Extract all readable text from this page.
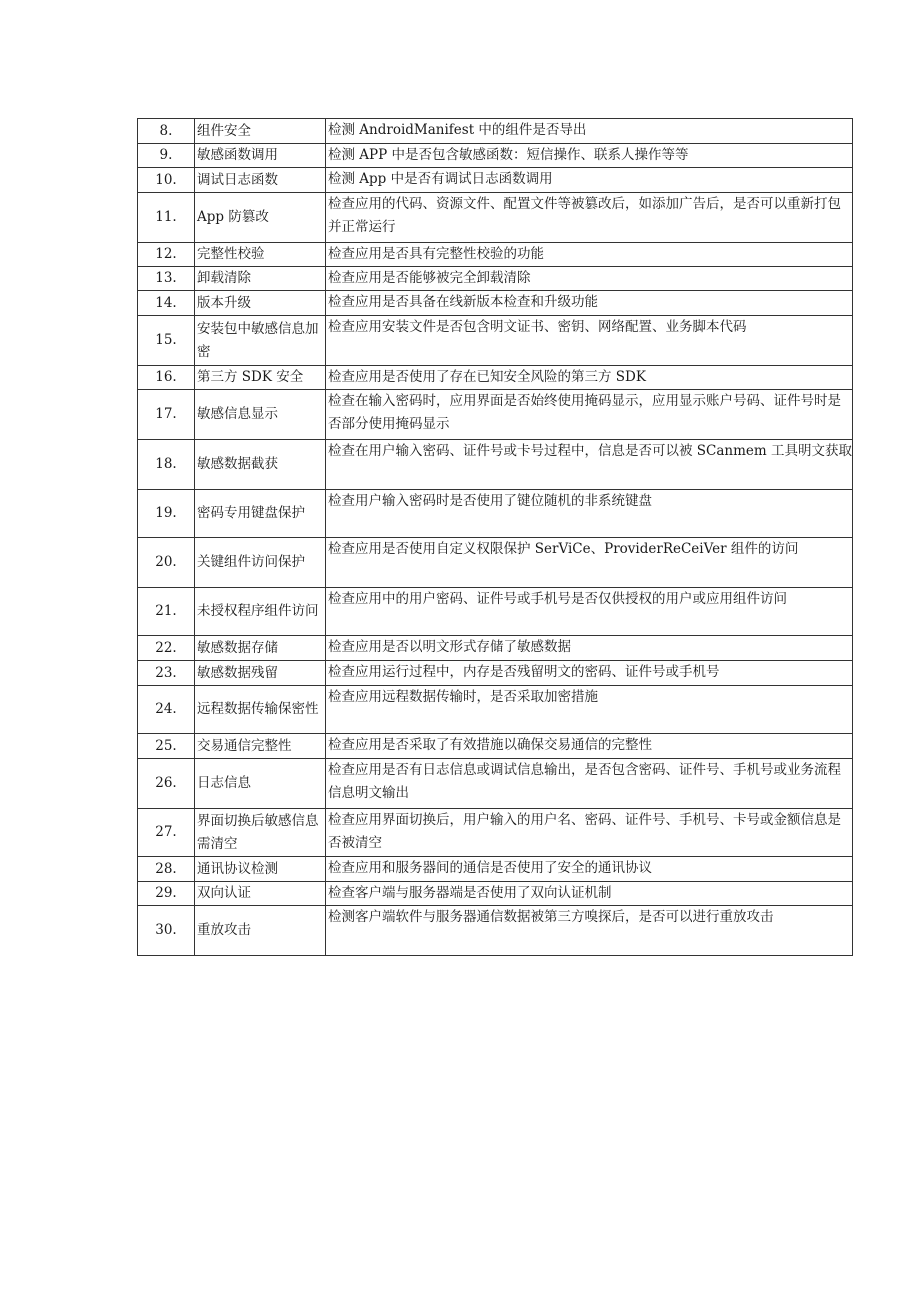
8.	组件安全	检测 AndroidManifest 中的组件是否导出
9.	敏感函数调用	检测 APP 中是否包含敏感函数：短信操作、联系人操作等等
10.	调试日志函数	检测 App 中是否有调试日志函数调用
11.	App 防篡改	检查应用的代码、资源文件、配置文件等被篡改后，如添加广告后，是否可以重新打包并正常运行
12.	完整性校验	检查应用是否具有完整性校验的功能
13.	卸载清除	检查应用是否能够被完全卸载清除
14.	版本升级	检查应用是否具备在线新版本检查和升级功能
15.	安装包中敏感信息加密	检查应用安装文件是否包含明文证书、密钥、网络配置、业务脚本代码
16.	第三方 SDK 安全	检查应用是否使用了存在已知安全风险的第三方 SDK
17.	敏感信息显示	检查在输入密码时，应用界面是否始终使用掩码显示，应用显示账户号码、证件号时是否部分使用掩码显示
18.	敏感数据截获	检查在用户输入密码、证件号或卡号过程中，信息是否可以被 SCanmem 工具明文获取
19.	密码专用键盘保护	检查用户输入密码时是否使用了键位随机的非系统键盘
20.	关键组件访问保护	检查应用是否使用自定义权限保护 SerViCe、ProviderReCeiVer 组件的访问
21.	未授权程序组件访问	检查应用中的用户密码、证件号或手机号是否仅供授权的用户或应用组件访问
22.	敏感数据存储	检查应用是否以明文形式存储了敏感数据
23.	敏感数据残留	检查应用运行过程中，内存是否残留明文的密码、证件号或手机号
24.	远程数据传输保密性	检查应用远程数据传输时，是否采取加密措施
25.	交易通信完整性	检查应用是否采取了有效措施以确保交易通信的完整性
26.	日志信息	检查应用是否有日志信息或调试信息输出，是否包含密码、证件号、手机号或业务流程信息明文输出
27.	界面切换后敏感信息需清空	检查应用界面切换后，用户输入的用户名、密码、证件号、手机号、卡号或金额信息是否被清空
28.	通讯协议检测	检查应用和服务器间的通信是否使用了安全的通讯协议
29.	双向认证	检查客户端与服务器端是否使用了双向认证机制
30.	重放攻击	检测客户端软件与服务器通信数据被第三方嗅探后，是否可以进行重放攻击
